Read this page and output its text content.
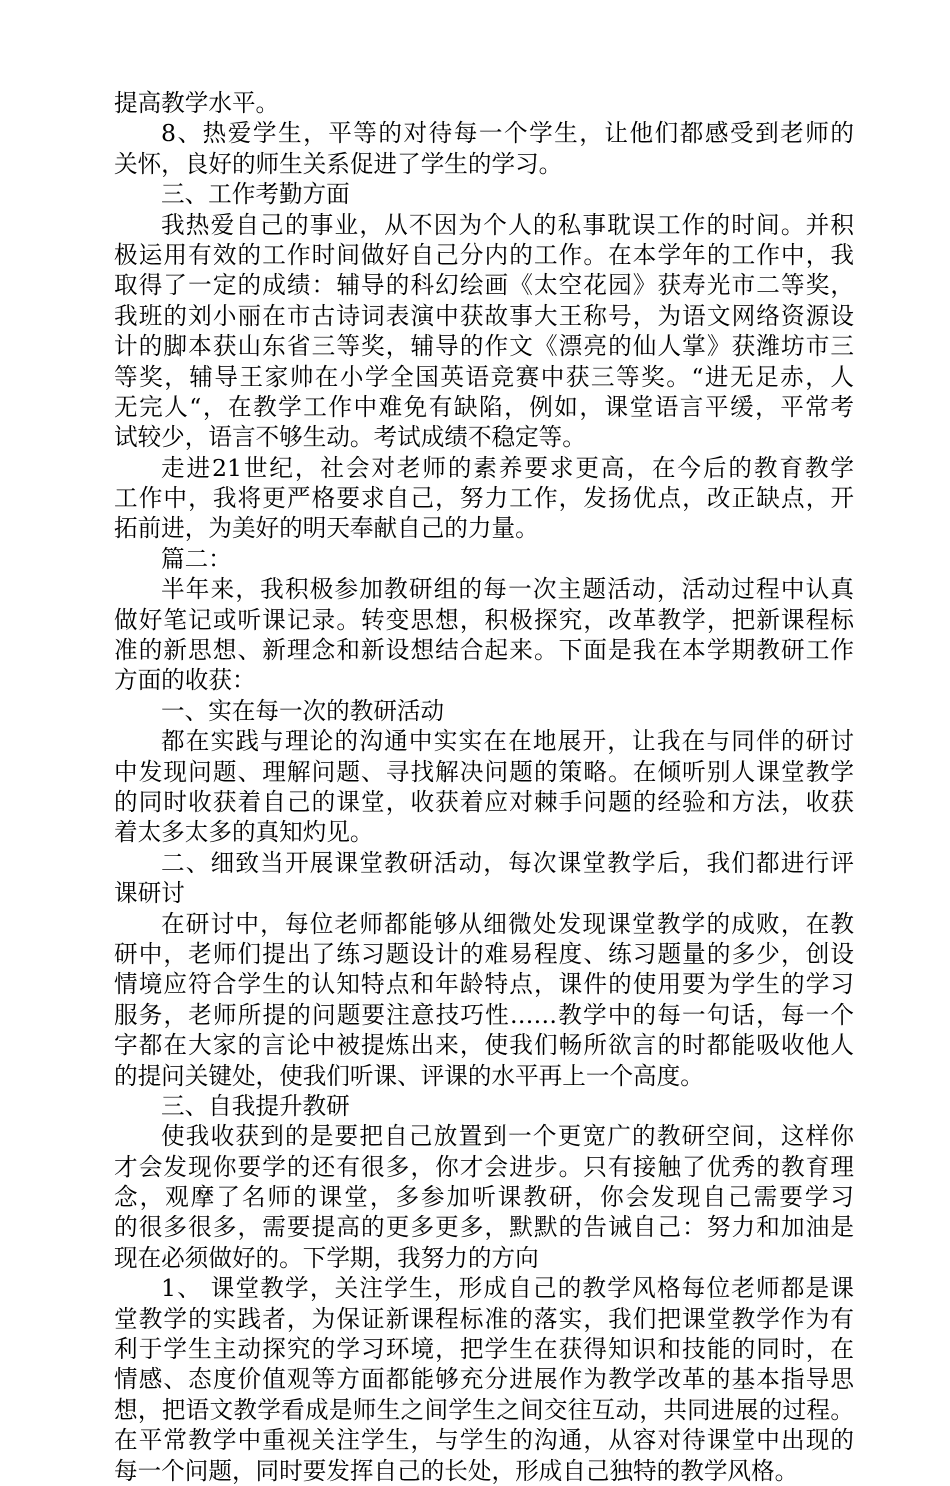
提高教学水平。
8、热爱学生，平等的对待每一个学生，让他们都感受到老师的
关怀，良好的师生关系促进了学生的学习。
三、工作考勤方面
我热爱自己的事业，从不因为个人的私事耽误工作的时间。并积
极运用有效的工作时间做好自己分内的工作。在本学年的工作中，我
取得了一定的成绩：辅导的科幻绘画《太空花园》获寿光市二等奖，
我班的刘小丽在市古诗词表演中获故事大王称号，为语文网络资源设
计的脚本获山东省三等奖，辅导的作文《漂亮的仙人掌》获潍坊市三
等奖，辅导王家帅在小学全国英语竞赛中获三等奖。“进无足赤，人
无完人“，在教学工作中难免有缺陷，例如，课堂语言平缓，平常考
试较少，语言不够生动。考试成绩不稳定等。
走进21世纪，社会对老师的素养要求更高，在今后的教育教学
工作中，我将更严格要求自己，努力工作，发扬优点，改正缺点，开
拓前进，为美好的明天奉献自己的力量。
篇二：
半年来，我积极参加教研组的每一次主题活动，活动过程中认真
做好笔记或听课记录。转变思想，积极探究，改革教学，把新课程标
准的新思想、新理念和新设想结合起来。下面是我在本学期教研工作
方面的收获：
一、实在每一次的教研活动
都在实践与理论的沟通中实实在在地展开，让我在与同伴的研讨
中发现问题、理解问题、寻找解决问题的策略。在倾听别人课堂教学
的同时收获着自己的课堂，收获着应对棘手问题的经验和方法，收获
着太多太多的真知灼见。
二、细致当开展课堂教研活动，每次课堂教学后，我们都进行评
课研讨
在研讨中，每位老师都能够从细微处发现课堂教学的成败，在教
研中，老师们提出了练习题设计的难易程度、练习题量的多少，创设
情境应符合学生的认知特点和年龄特点，课件的使用要为学生的学习
服务，老师所提的问题要注意技巧性……教学中的每一句话，每一个
字都在大家的言论中被提炼出来，使我们畅所欲言的时都能吸收他人
的提问关键处，使我们听课、评课的水平再上一个高度。
三、自我提升教研
使我收获到的是要把自己放置到一个更宽广的教研空间，这样你
才会发现你要学的还有很多，你才会进步。只有接触了优秀的教育理
念，观摩了名师的课堂，多参加听课教研，你会发现自己需要学习
的很多很多，需要提高的更多更多，默默的告诫自己：努力和加油是
现在必须做好的。下学期，我努力的方向
1、 课堂教学，关注学生，形成自己的教学风格每位老师都是课
堂教学的实践者，为保证新课程标准的落实，我们把课堂教学作为有
利于学生主动探究的学习环境，把学生在获得知识和技能的同时，在
情感、态度价值观等方面都能够充分进展作为教学改革的基本指导思
想，把语文教学看成是师生之间学生之间交往互动，共同进展的过程。
在平常教学中重视关注学生，与学生的沟通，从容对待课堂中出现的
每一个问题，同时要发挥自己的长处，形成自己独特的教学风格。
